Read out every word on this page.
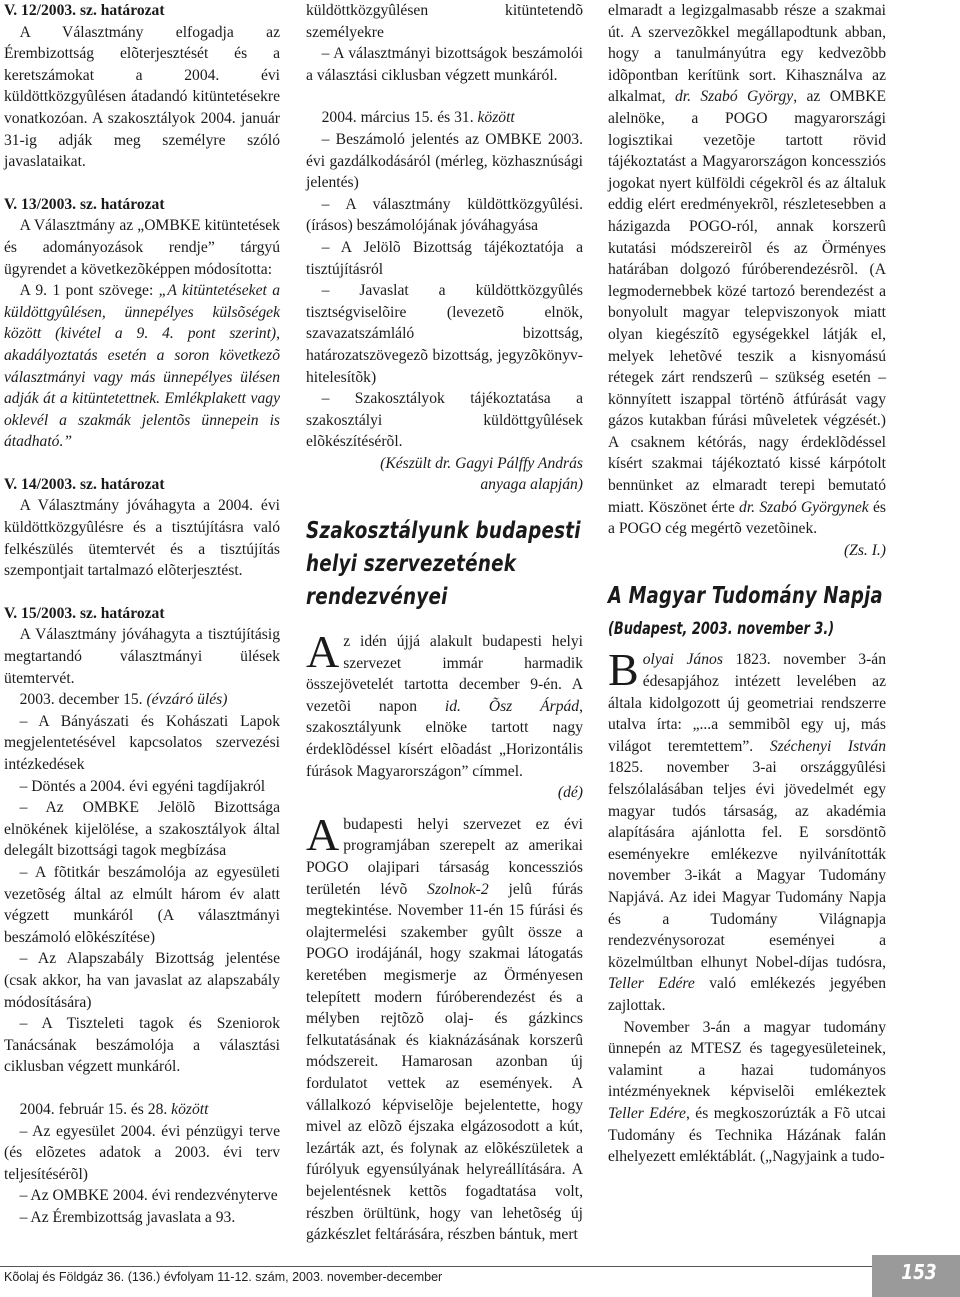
V. 12/2003. sz. határozat

A Választmány elfogadja az Érembizottság elõterjesztését és a keretszámokat a 2004. évi küldöttközgyûlésen átadandó kitüntetésekre vonatkozóan. A szakosztályok 2004. január 31-ig adják meg személyre szóló javaslataikat.

V. 13/2003. sz. határozat

A Választmány az „OMBKE kitüntetések és adományozások rendje” tárgyú ügyrendet a következõképpen módosította:

A 9. 1 pont szövege: „A kitüntetéseket a küldöttgyûlésen, ünnepélyes külsõségek között (kivétel a 9. 4. pont szerint), akadályoztatás esetén a soron következõ választmányi vagy más ünnepélyes ülésen adják át a kitüntetettnek. Emlékplakett vagy oklevél a szakmák jelentõs ünnepein is átadható.”

V. 14/2003. sz. határozat

A Választmány jóváhagyta a 2004. évi küldöttközgyûlésre és a tisztújításra való felkészülés ütemtervét és a tisztújítás szempontjait tartalmazó elõterjesztést.

V. 15/2003. sz. határozat

A Választmány jóváhagyta a tisztújításig megtartandó választmányi ülések ütemtervét.

2003. december 15. (évzáró ülés)

– A Bányászati és Kohászati Lapok megjelentetésével kapcsolatos szervezési intézkedések

– Döntés a 2004. évi egyéni tagdíjakról

– Az OMBKE Jelölõ Bizottsága elnökének kijelölése, a szakosztályok által delegált bizottsági tagok megbízása

– A fõtitkár beszámolója az egyesületi vezetõség által az elmúlt három év alatt végzett munkáról (A választmányi beszámoló elõkészítése)

– Az Alapszabály Bizottság jelentése (csak akkor, ha van javaslat az alapszabály módosítására)

– A Tiszteleti tagok és Szeniorok Tanácsának beszámolója a választási ciklusban végzett munkáról.

2004. február 15. és 28. között

– Az egyesület 2004. évi pénzügyi terve (és elõzetes adatok a 2003. évi terv teljesítésérõl)

– Az OMBKE 2004. évi rendezvényterve

– Az Érembizottság javaslata a 93.

küldöttközgyûlésen kitüntetendõ személyekre

– A választmányi bizottságok beszámolói a választási ciklusban végzett munkáról.

2004. március 15. és 31. között

– Beszámoló jelentés az OMBKE 2003. évi gazdálkodásáról (mérleg, közhasznúsági jelentés)

– A választmány küldöttközgyûlési. (írásos) beszámolójának jóváhagyása

– A Jelölõ Bizottság tájékoztatója a tisztújításról

– Javaslat a küldöttközgyûlés tisztségviselõire (levezetõ elnök, szavazatszámláló bizottság, határozatszövegezõ bizottság, jegyzõkönyv-hitelesítõk)

– Szakosztályok tájékoztatása a szakosztályi küldöttgyûlések elõkészítésérõl.

(Készült dr. Gagyi Pálffy András

anyaga alapján)

Szakosztályunk budapesti
helyi szervezetének
rendezvényei

Az idén újjá alakult budapesti helyi szervezet immár harmadik összejövetelét tartotta december 9-én. A vezetõi napon id. Õsz Árpád, szakosztályunk elnöke tartott nagy érdeklõdéssel kísért elõadást „Horizontális fúrások Magyarországon” címmel.

(dé)

A budapesti helyi szervezet ez évi programjában szerepelt az amerikai POGO olajipari társaság koncessziós területén lévõ Szolnok-2 jelû fúrás megtekintése. November 11-én 15 fúrási és olajtermelési szakember gyûlt össze a POGO irodájánál, hogy szakmai látogatás keretében megismerje az Örményesen telepített modern fúróberendezést és a mélyben rejtõzõ olaj- és gázkincs felkutatásának és kiaknázásának korszerû módszereit. Hamarosan azonban új fordulatot vettek az események. A vállalkozó képviselõje bejelentette, hogy mivel az elõzõ éjszaka elgázosodott a kút, lezárták azt, és folynak az elõkészületek a fúrólyuk egyensúlyának helyreállítására. A bejelentésnek kettõs fogadtatása volt, részben örültünk, hogy van lehetõség új gázkészlet feltárására, részben bántuk, mert

elmaradt a legizgalmasabb része a szakmai út. A szervezõkkel megállapodtunk abban, hogy a tanulmányútra egy kedvezõbb idõpontban kerítünk sort. Kihasználva az alkalmat, dr. Szabó György, az OMBKE alelnöke, a POGO magyarországi logisztikai vezetõje tartott rövid tájékoztatást a Magyarországon koncessziós jogokat nyert külföldi cégekrõl és az általuk eddig elért eredményekrõl, részletesebben a házigazda POGO-ról, annak korszerû kutatási módszereirõl és az Örményes határában dolgozó fúróberendezésrõl. (A legmodernebbek közé tartozó berendezést a bonyolult magyar telepviszonyok miatt olyan kiegészítõ egységekkel látják el, melyek lehetõvé teszik a kisnyomású rétegek zárt rendszerû – szükség esetén – könnyített iszappal történõ átfúrását vagy gázos kutakban fúrási mûveletek végzését.) A csaknem kétórás, nagy érdeklõdéssel kísért szakmai tájékoztató kissé kárpótolt bennünket az elmaradt terepi bemutató miatt. Köszönet érte dr. Szabó Györgynek és a POGO cég megértõ vezetõinek.

(Zs. I.)

A Magyar Tudomány Napja
(Budapest, 2003. november 3.)

Bolyai János 1823. november 3-án édesapjához intézett levelében az általa kidolgozott új geometriai rendszerre utalva írta: „...a semmibõl egy uj, más világot teremtettem”. Széchenyi István 1825. november 3-ai országgyûlési felszólalásában teljes évi jövedelmét egy magyar tudós társaság, az akadémia alapítására ajánlotta fel. E sorsdöntõ eseményekre emlékezve nyilvánították november 3-ikát a Magyar Tudomány Napjává. Az idei Magyar Tudomány Napja és a Tudomány Világnapja rendezvénysorozat eseményei a közelmúltban elhunyt Nobel-díjas tudósra, Teller Edére való emlékezés jegyében zajlottak.

November 3-án a magyar tudomány ünnepén az MTESZ és tagegyesületeinek, valamint a hazai tudományos intézményeknek képviselõi emlékeztek Teller Edére, és megkoszorúzták a Fõ utcai Tudomány és Technika Házának falán elhelyezett emléktáblát. („Nagyjaink a tudo-

Kõolaj és Földgáz 36. (136.) évfolyam 11-12. szám, 2003. november-december	153
